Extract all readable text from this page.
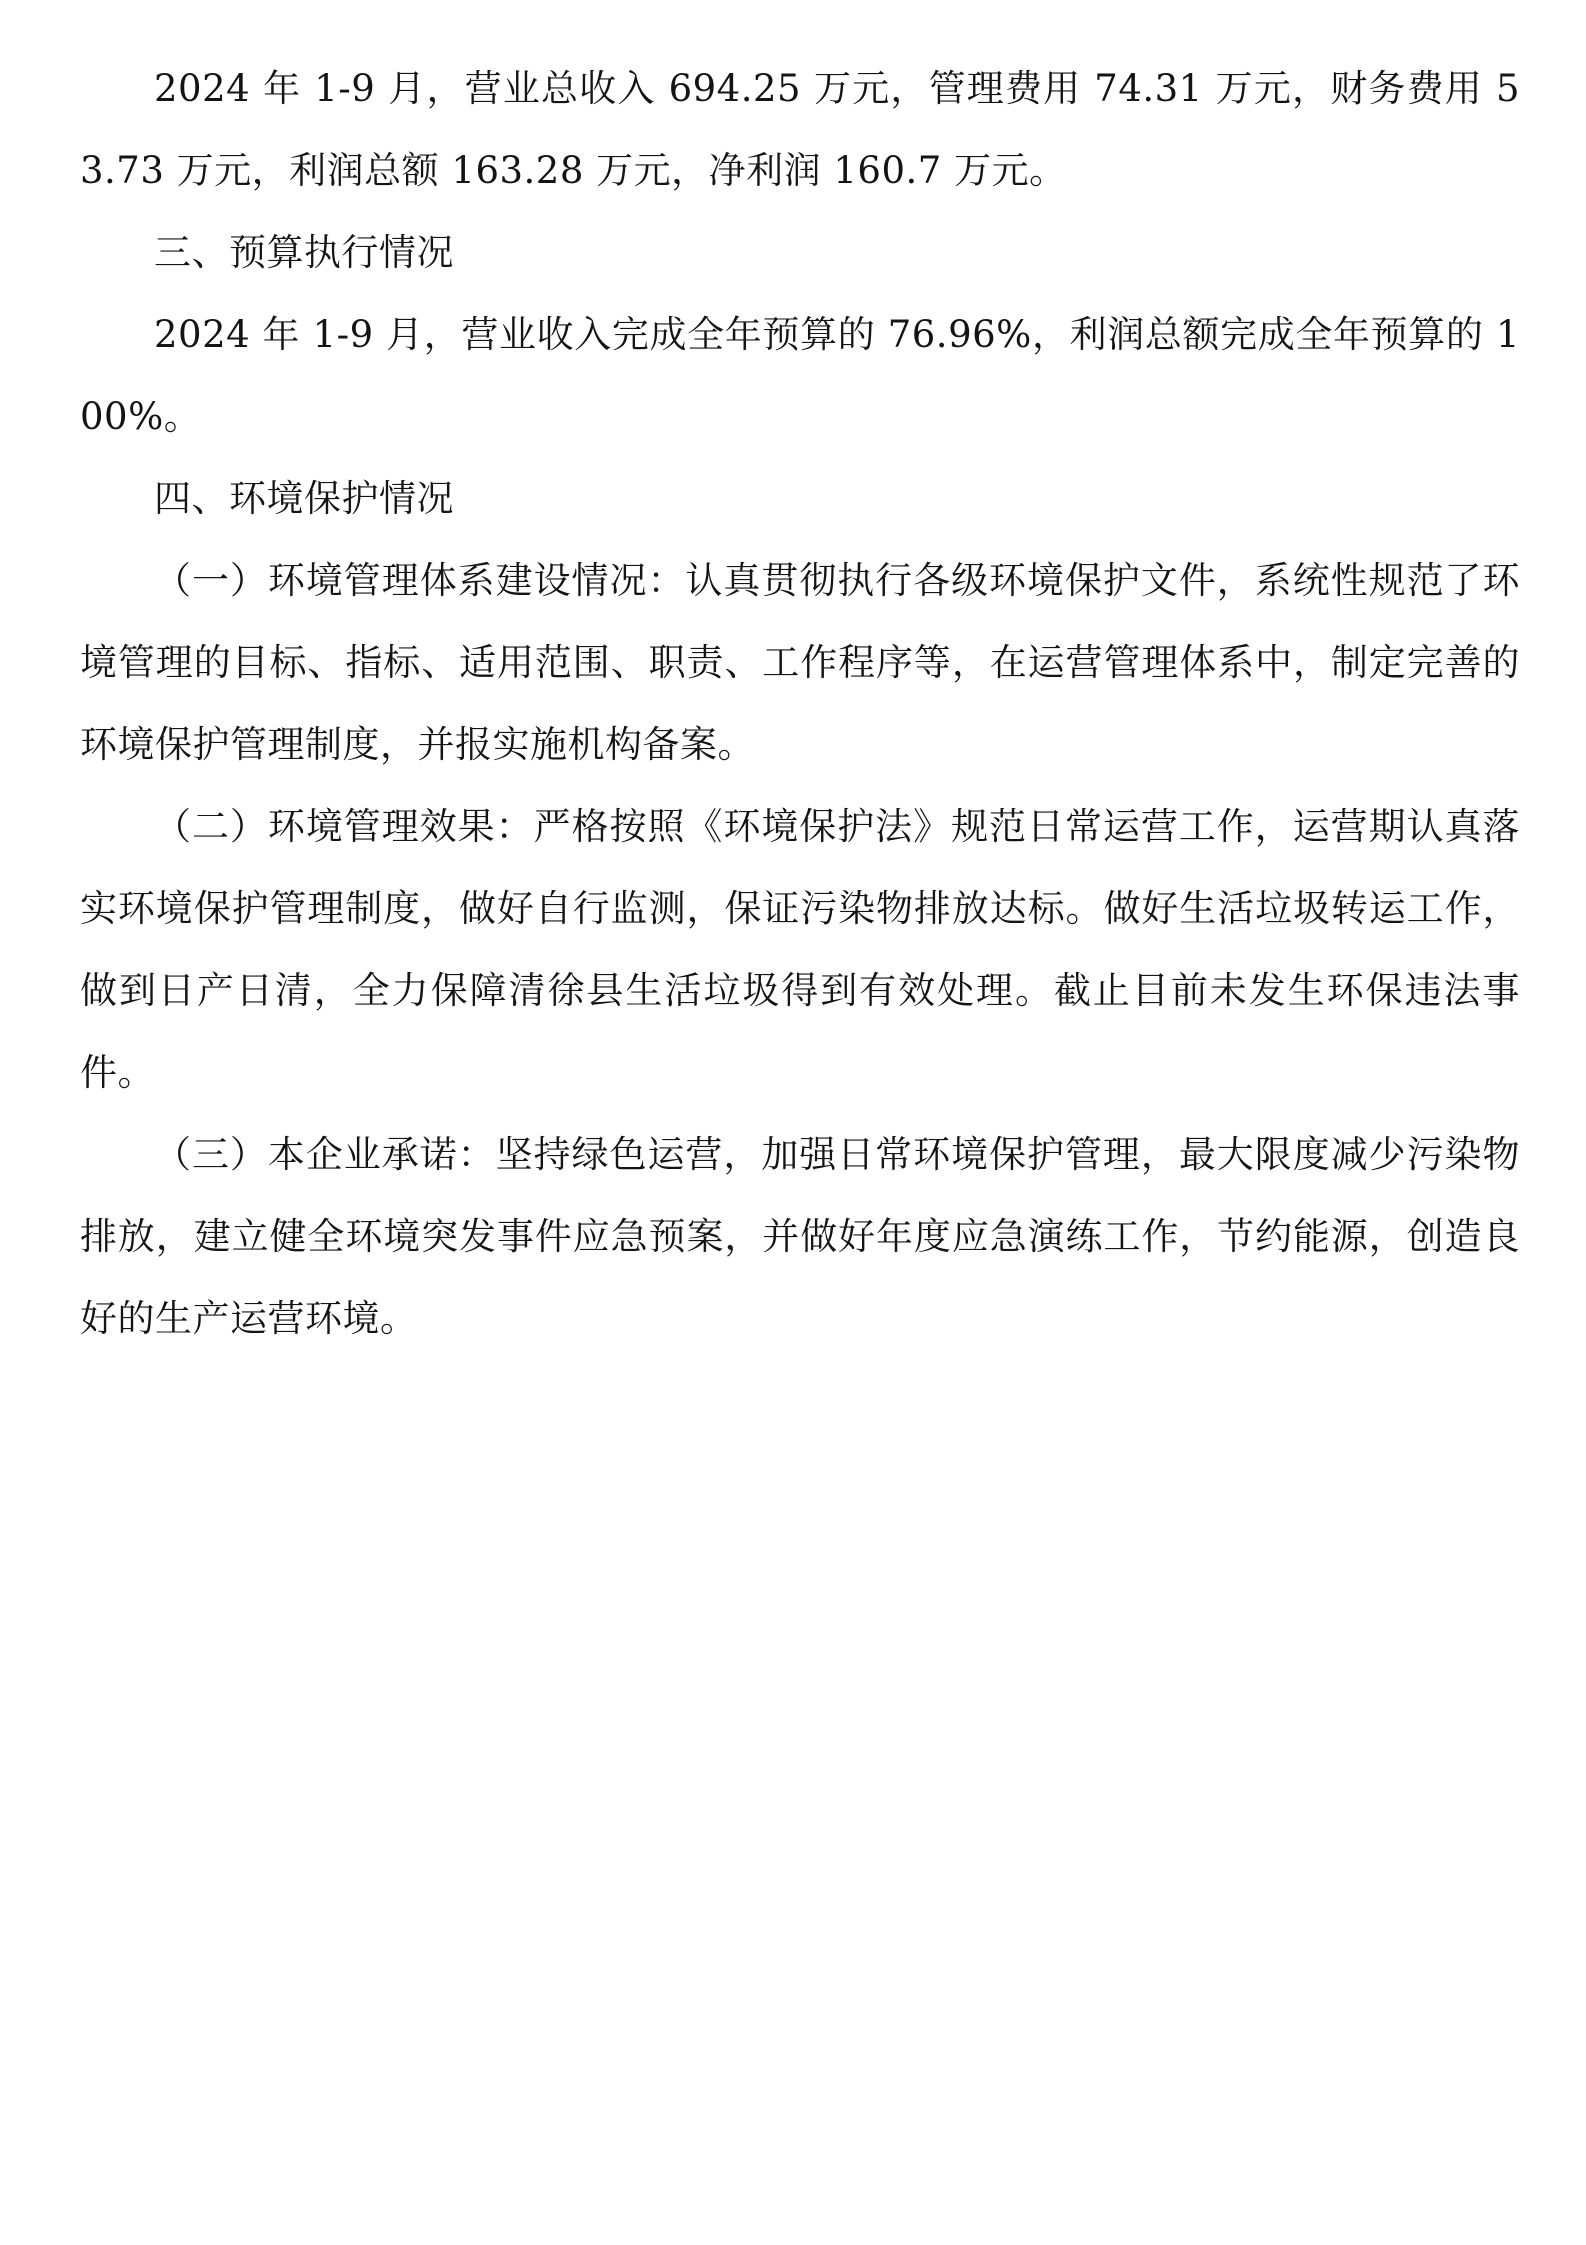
2024 年 1-9 月，营业总收入 694.25 万元，管理费用 74.31 万元，财务费用 53.73 万元，利润总额 163.28 万元，净利润 160.7 万元。

三、预算执行情况

2024 年 1-9 月，营业收入完成全年预算的 76.96%，利润总额完成全年预算的 100%。

四、环境保护情况

（一）环境管理体系建设情况：认真贯彻执行各级环境保护文件，系统性规范了环境管理的目标、指标、适用范围、职责、工作程序等，在运营管理体系中，制定完善的环境保护管理制度，并报实施机构备案。

（二）环境管理效果：严格按照《环境保护法》规范日常运营工作，运营期认真落实环境保护管理制度，做好自行监测，保证污染物排放达标。做好生活垃圾转运工作，做到日产日清，全力保障清徐县生活垃圾得到有效处理。截止目前未发生环保违法事件。

（三）本企业承诺：坚持绿色运营，加强日常环境保护管理，最大限度减少污染物排放，建立健全环境突发事件应急预案，并做好年度应急演练工作，节约能源，创造良好的生产运营环境。
